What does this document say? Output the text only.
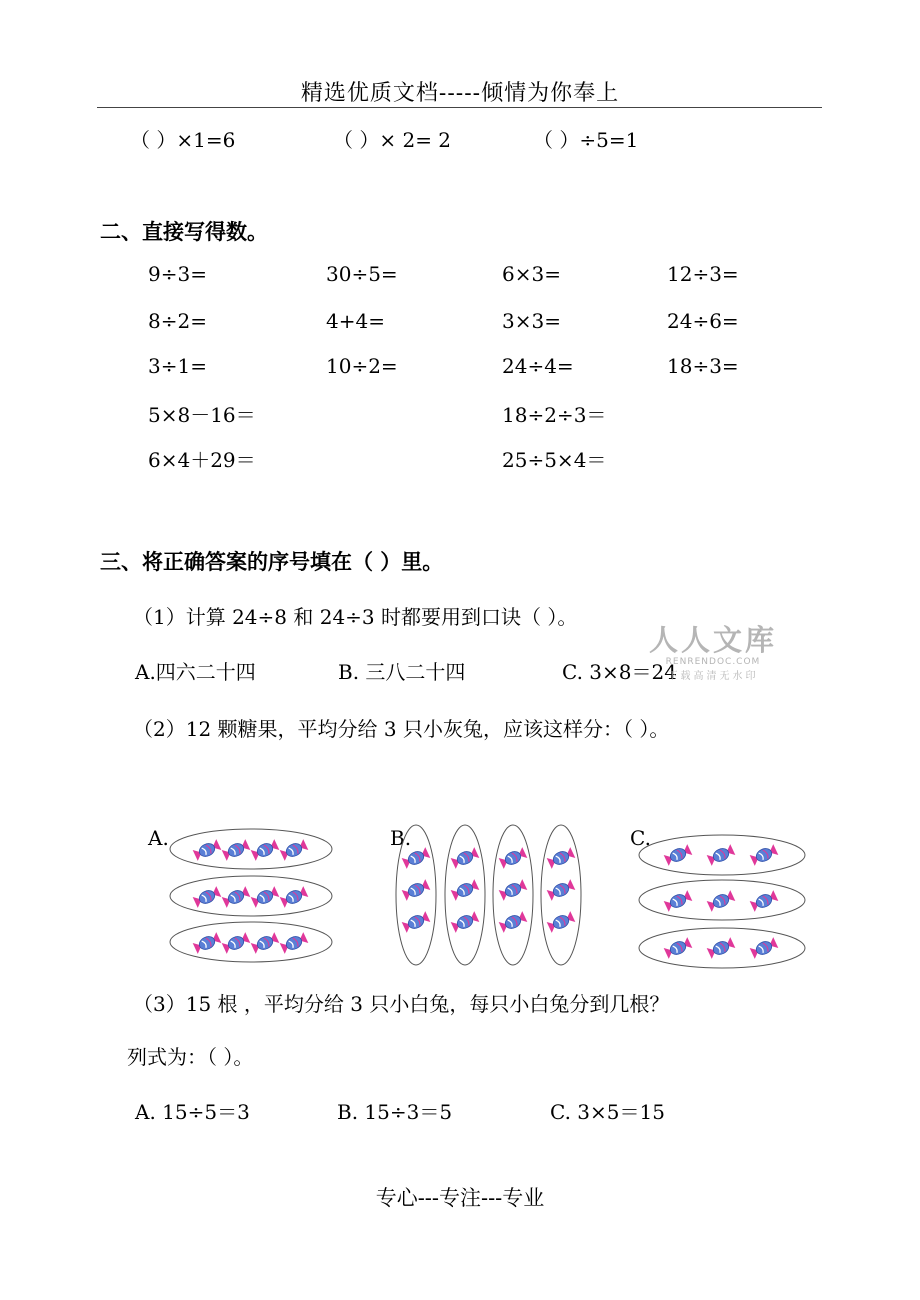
精选优质文档-----倾情为你奉上
（ ）×1=6	（ ）× 2= 2	（ ）÷5=1
二、直接写得数。
9÷3=	30÷5=	6×3=	12÷3=
8÷2=	4+4=	3×3=	24÷6=
3÷1=	10÷2=	24÷4=	18÷3=
5×8－16＝	18÷2÷3＝
6×4＋29＝	25÷5×4＝
三、将正确答案的序号填在（ ）里。
（1）计算 24÷8 和 24÷3 时都要用到口诀（ ）。
A.四六二十四	B. 三八二十四	C. 3×8＝24
人人文库
RENRENDOC.COM
下载高清无水印
（2）12 颗糖果，平均分给 3 只小灰兔，应该这样分：（ ）。
A.	B.	C.
（3）15 根 ，平均分给 3 只小白兔，每只小白兔分到几根？
列式为：（ ）。
A. 15÷5＝3	B. 15÷3＝5	C. 3×5＝15
专心---专注---专业
